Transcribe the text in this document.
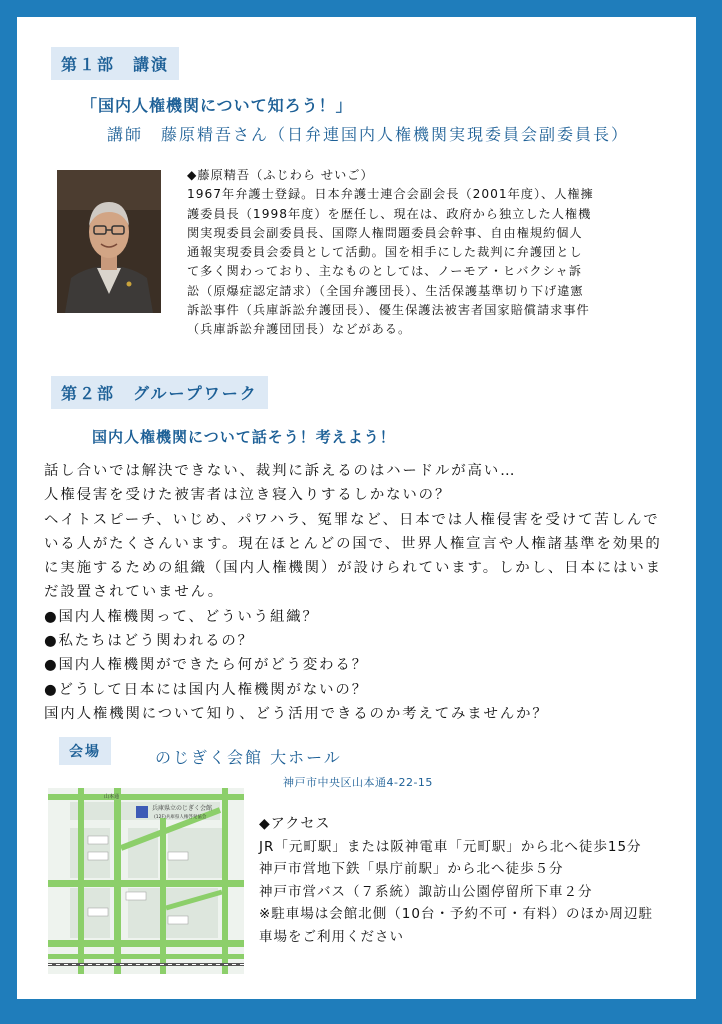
第１部　講演
「国内人権機関について知ろう！」
講師　藤原精吾さん（日弁連国内人権機関実現委員会副委員長）

◆藤原精吾（ふじわら せいご）

1967年弁護士登録。日本弁護士連合会副会長（2001年度）、人権擁

護委員長（1998年度）を歴任し、現在は、政府から独立した人権機

関実現委員会副委員長、国際人権問題委員会幹事、自由権規約個人

通報実現委員会委員として活動。国を相手にした裁判に弁護団とし

て多く関わっており、主なものとしては、ノーモア・ヒバクシャ訴

訟（原爆症認定請求）（全国弁護団長）、生活保護基準切り下げ違憲

訴訟事件（兵庫訴訟弁護団長）、優生保護法被害者国家賠償請求事件

（兵庫訴訟弁護団団長）などがある。

第２部　グループワーク
国内人権機関について話そう！考えよう！

話し合いでは解決できない、裁判に訴えるのはハードルが高い…

人権侵害を受けた被害者は泣き寝入りするしかないの？

ヘイトスピーチ、いじめ、パワハラ、冤罪など、日本では人権侵害を受けて苦しんで

いる人がたくさんいます。現在ほとんどの国で、世界人権宣言や人権諸基準を効果的

に実施するための組織（国内人権機関）が設けられています。しかし、日本にはいま

だ設置されていません。

●国内人権機関って、どういう組織？

●私たちはどう関われるの？

●国内人権機関ができたら何がどう変わる？

●どうして日本には国内人権機関がないの？

国内人権機関について知り、どう活用できるのか考えてみませんか？

会場	のじぎく会館 大ホール
神戸市中央区山本通4-22-15
兵庫県立のじぎく会館
(12F)兵庫県人権啓発協会
山本通

◆アクセス

JR「元町駅」または阪神電車「元町駅」から北へ徒歩15分

神戸市営地下鉄「県庁前駅」から北へ徒歩５分

神戸市営バス（７系統）諏訪山公園停留所下車２分

※駐車場は会館北側（10台・予約不可・有料）のほか周辺駐

車場をご利用ください
